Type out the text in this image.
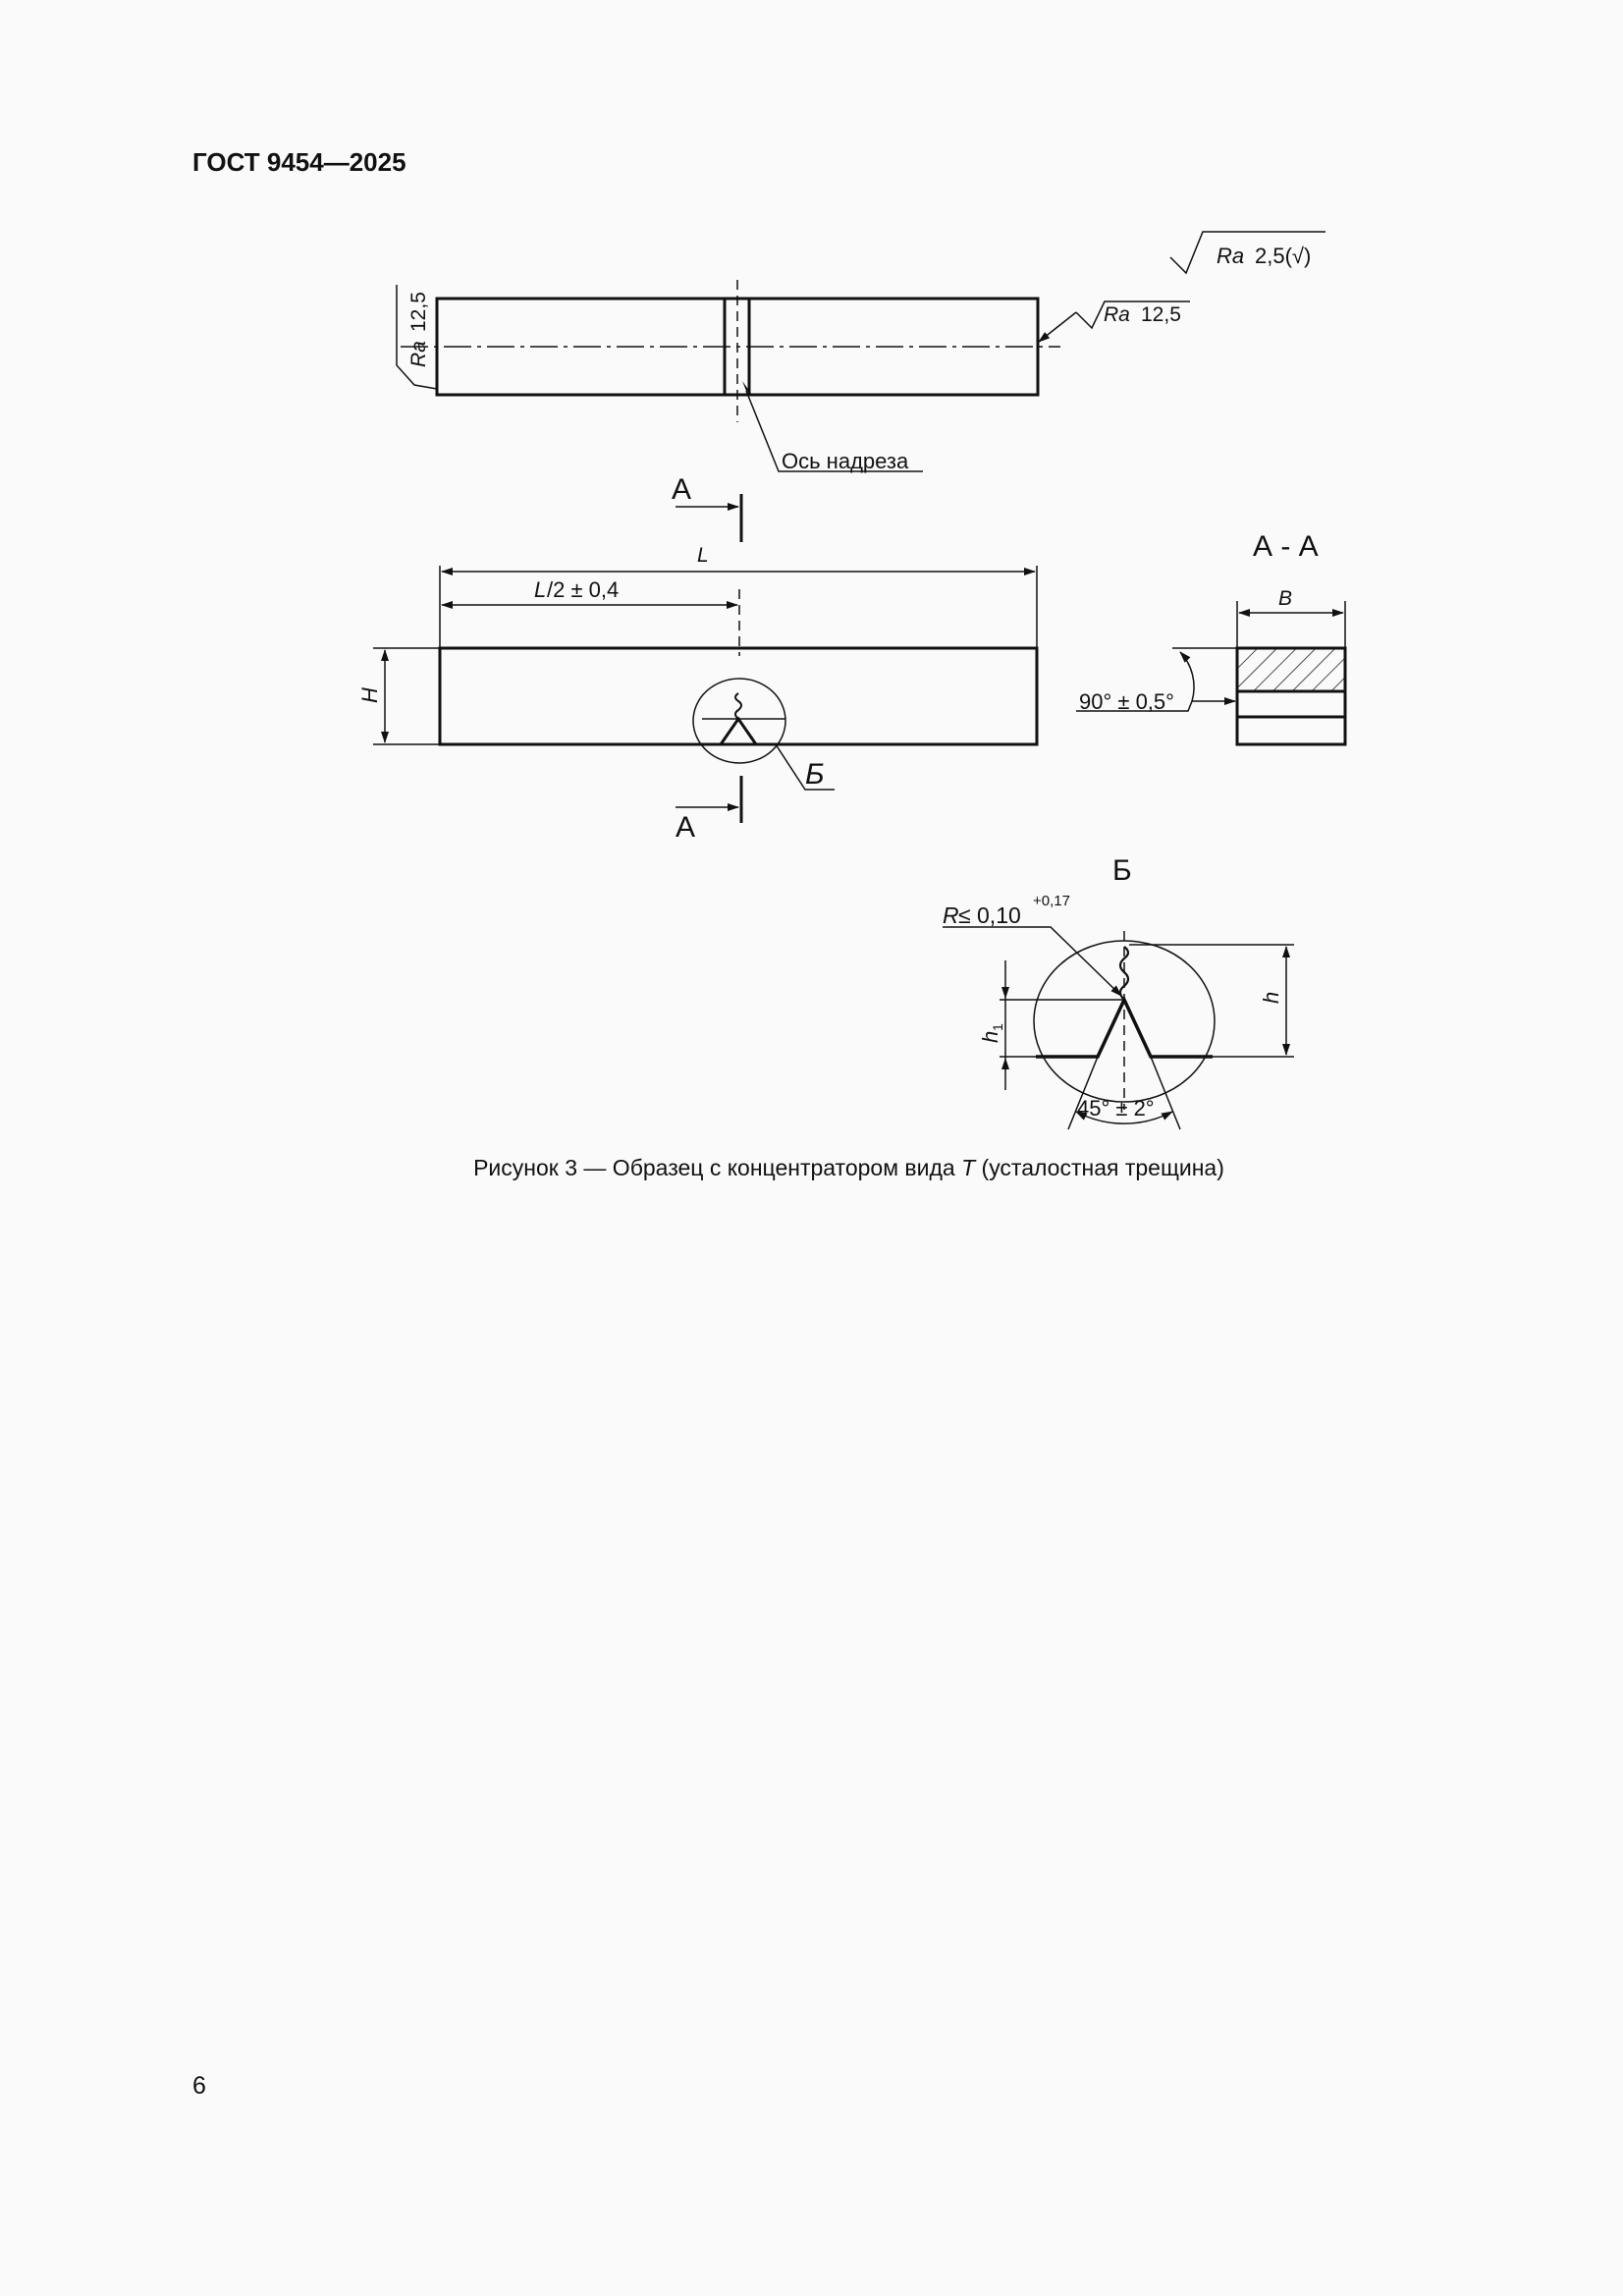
ГОСТ 9454—2025
Ra 2,5(√)
Ra 12,5
Ra
12,5
Ось надреза
А
А
А - А
L
L /2 ± 0,4
H
B
90° ± 0,5°
Б
Б
R ≤ 0,10
+0,17
h
h
1
45° ± 2°
Рисунок 3 — Образец с концентратором вида T (усталостная трещина)
6
